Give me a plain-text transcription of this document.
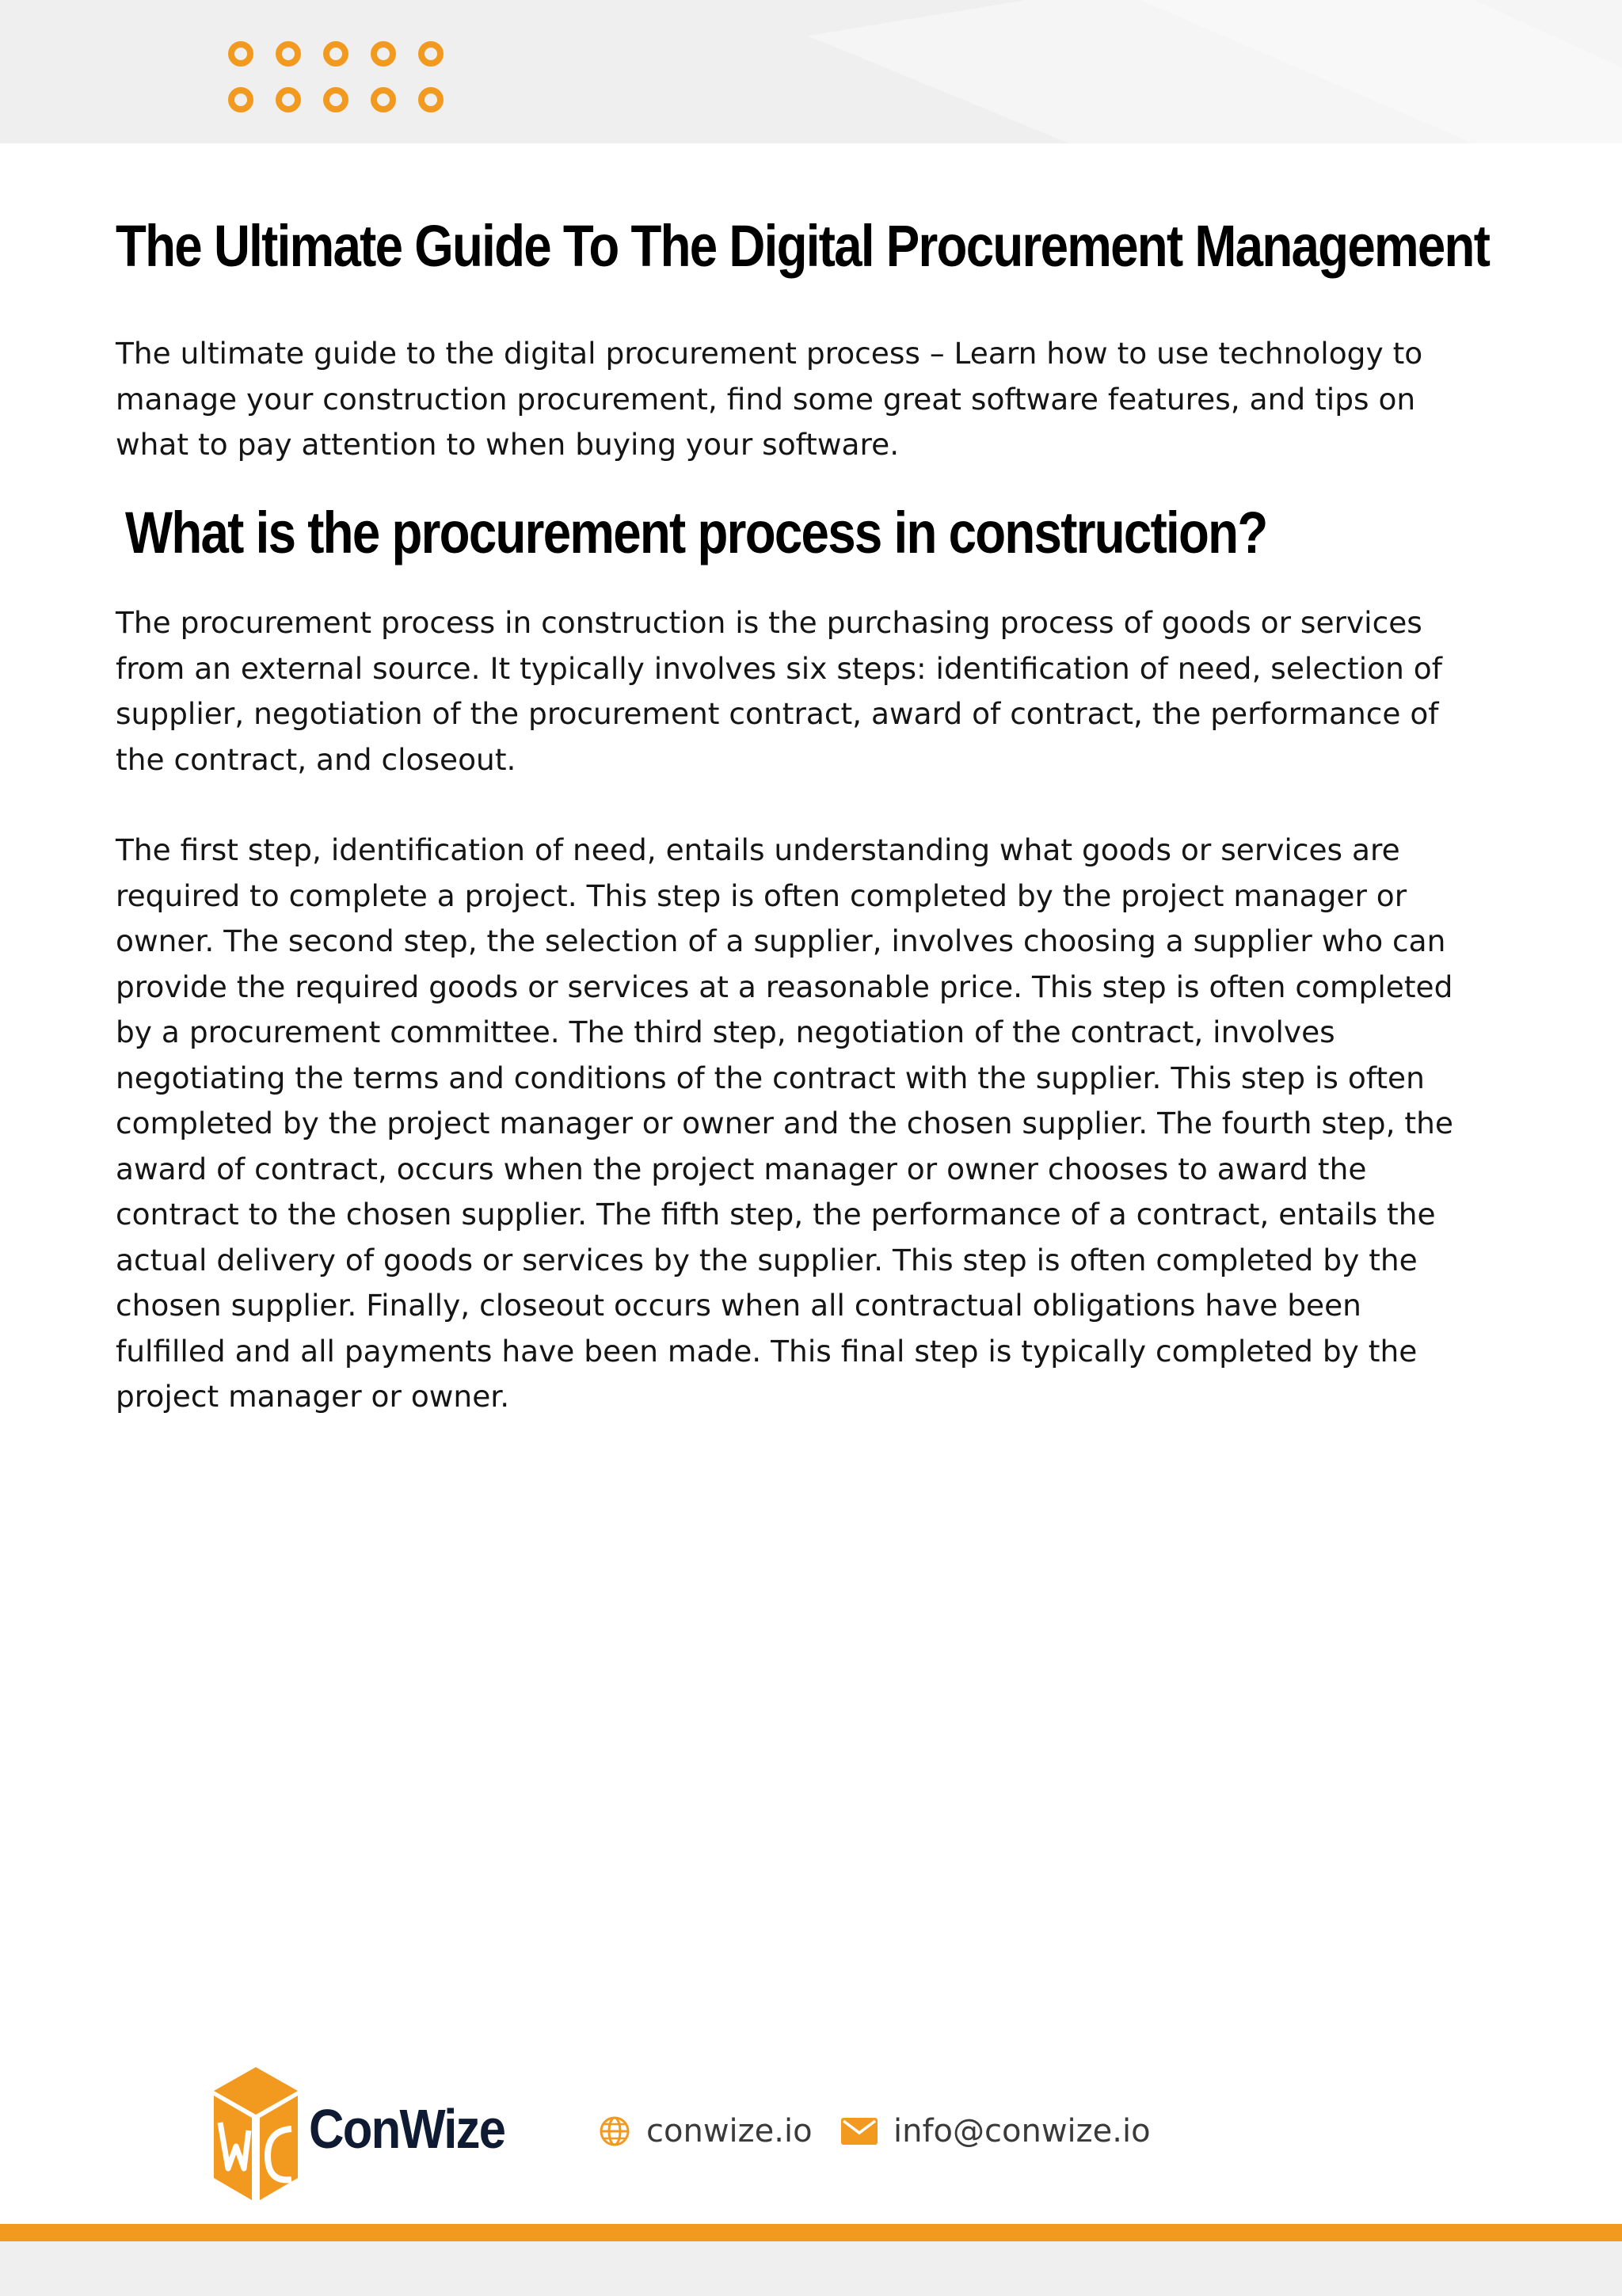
The Ultimate Guide To The Digital Procurement Management

The ultimate guide to the digital procurement process – Learn how to use technology to manage your construction procurement, find some great software features, and tips on what to pay attention to when buying your software.

What is the procurement process in construction?

The procurement process in construction is the purchasing process of goods or services from an external source. It typically involves six steps: identification of need, selection of supplier, negotiation of the procurement contract, award of contract, the performance of the contract, and closeout.

The first step, identification of need, entails understanding what goods or services are required to complete a project. This step is often completed by the project manager or owner. The second step, the selection of a supplier, involves choosing a supplier who can provide the required goods or services at a reasonable price. This step is often completed by a procurement committee. The third step, negotiation of the contract, involves negotiating the terms and conditions of the contract with the supplier. This step is often completed by the project manager or owner and the chosen supplier. The fourth step, the award of contract, occurs when the project manager or owner chooses to award the contract to the chosen supplier. The fifth step, the performance of a contract, entails the actual delivery of goods or services by the supplier. This step is often completed by the chosen supplier. Finally, closeout occurs when all contractual obligations have been fulfilled and all payments have been made. This final step is typically completed by the project manager or owner.

ConWize	conwize.io	info@conwize.io
